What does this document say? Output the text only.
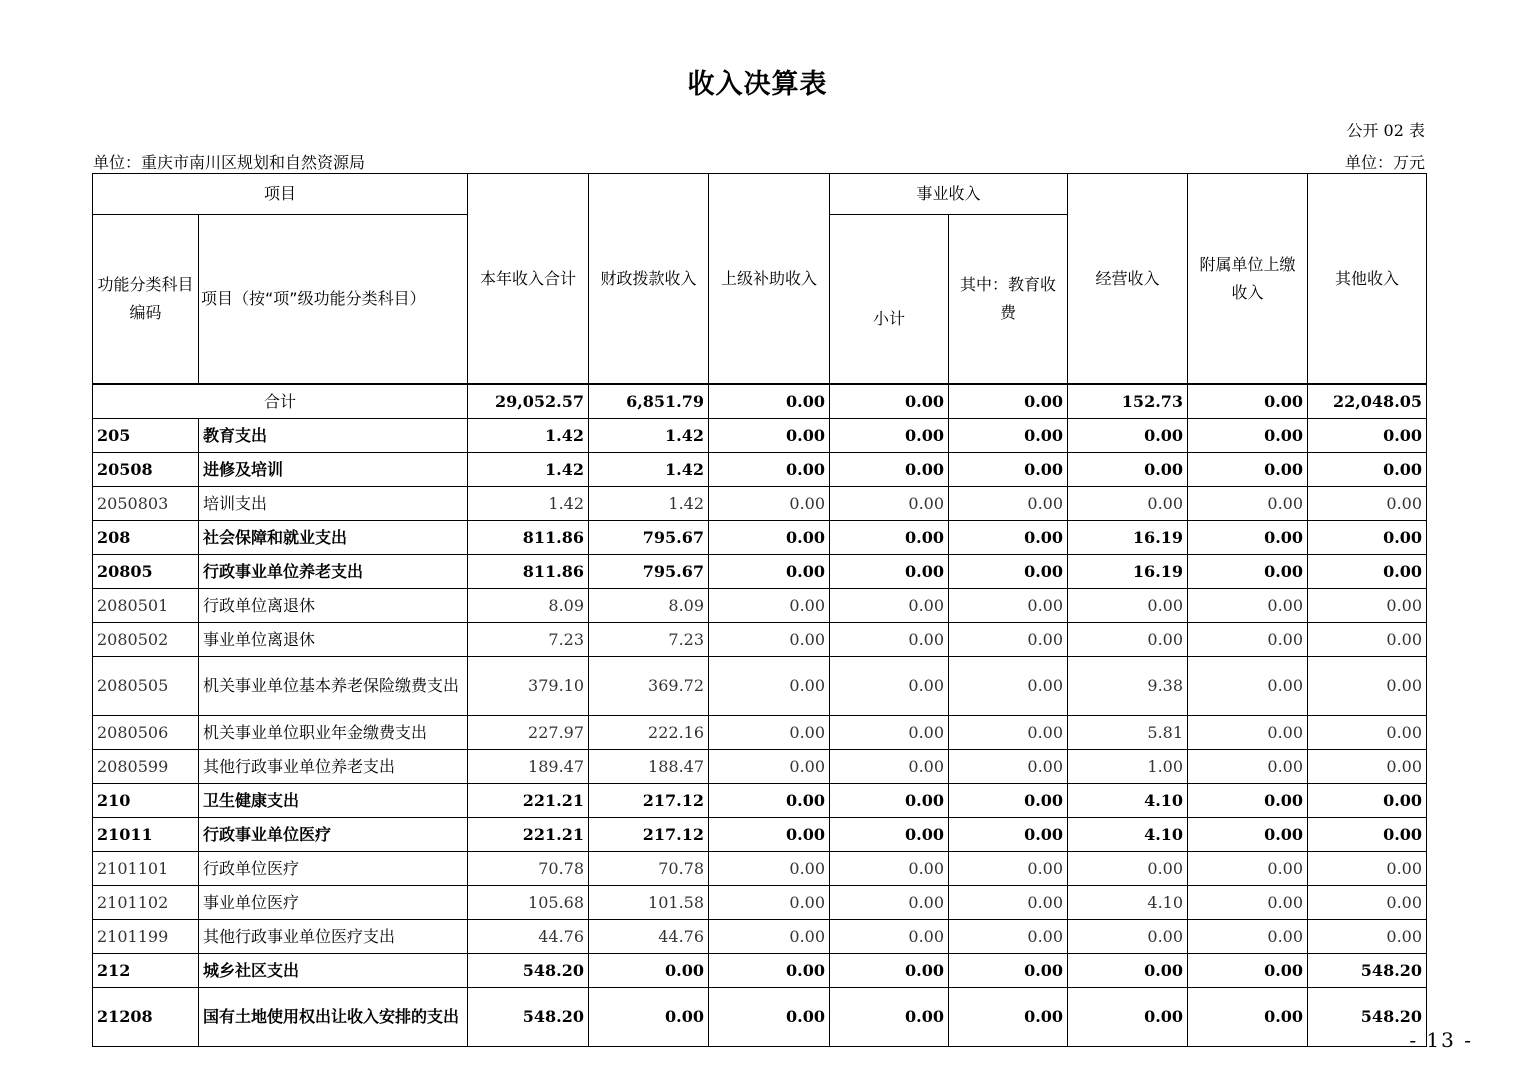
收入决算表
公开 02 表
单位：重庆市南川区规划和自然资源局	单位：万元
项目		本年收入合计	财政拨款收入	上级补助收入	事业收入		经营收入	附属单位上缴收入	其他收入
功能分类科目编码	项目（按“项”级功能分类科目）				小计	其中：教育收费			
合计		29,052.57	6,851.79	0.00	0.00	0.00	152.73	0.00	22,048.05
205	教育支出	1.42	1.42	0.00	0.00	0.00	0.00	0.00	0.00
20508	进修及培训	1.42	1.42	0.00	0.00	0.00	0.00	0.00	0.00
2050803	培训支出	1.42	1.42	0.00	0.00	0.00	0.00	0.00	0.00
208	社会保障和就业支出	811.86	795.67	0.00	0.00	0.00	16.19	0.00	0.00
20805	行政事业单位养老支出	811.86	795.67	0.00	0.00	0.00	16.19	0.00	0.00
2080501	行政单位离退休	8.09	8.09	0.00	0.00	0.00	0.00	0.00	0.00
2080502	事业单位离退休	7.23	7.23	0.00	0.00	0.00	0.00	0.00	0.00
2080505	机关事业单位基本养老保险缴费支出	379.10	369.72	0.00	0.00	0.00	9.38	0.00	0.00
2080506	机关事业单位职业年金缴费支出	227.97	222.16	0.00	0.00	0.00	5.81	0.00	0.00
2080599	其他行政事业单位养老支出	189.47	188.47	0.00	0.00	0.00	1.00	0.00	0.00
210	卫生健康支出	221.21	217.12	0.00	0.00	0.00	4.10	0.00	0.00
21011	行政事业单位医疗	221.21	217.12	0.00	0.00	0.00	4.10	0.00	0.00
2101101	行政单位医疗	70.78	70.78	0.00	0.00	0.00	0.00	0.00	0.00
2101102	事业单位医疗	105.68	101.58	0.00	0.00	0.00	4.10	0.00	0.00
2101199	其他行政事业单位医疗支出	44.76	44.76	0.00	0.00	0.00	0.00	0.00	0.00
212	城乡社区支出	548.20	0.00	0.00	0.00	0.00	0.00	0.00	548.20
21208	国有土地使用权出让收入安排的支出	548.20	0.00	0.00	0.00	0.00	0.00	0.00	548.20
- 13 -
